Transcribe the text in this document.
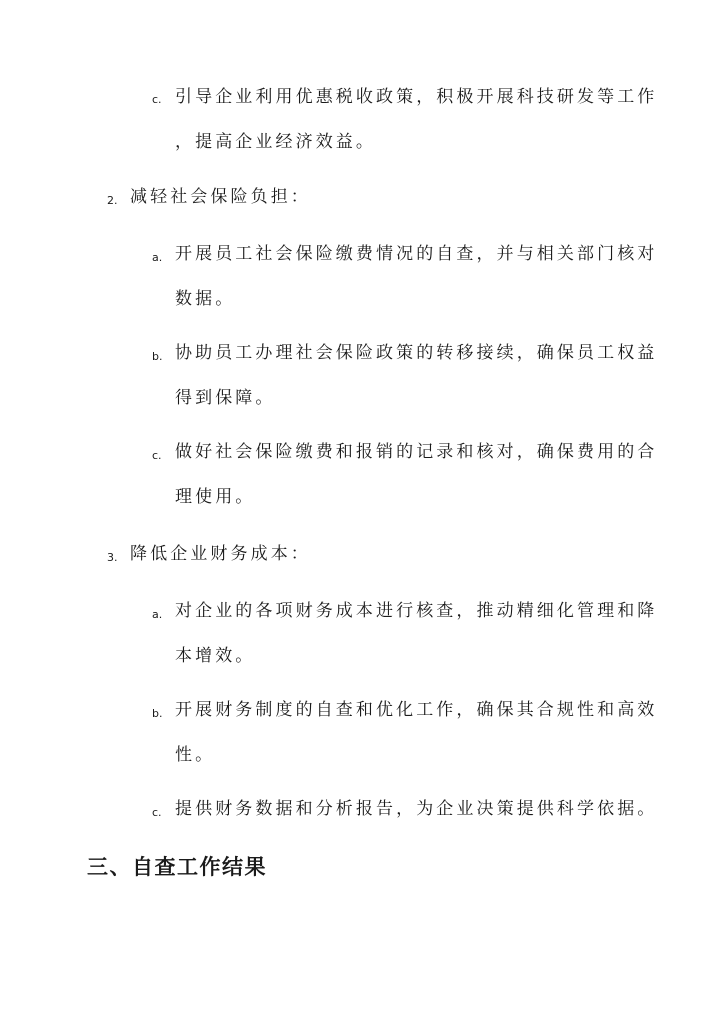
c. 引导企业利用优惠税收政策，积极开展科技研发等工作
，提高企业经济效益。
2. 减轻社会保险负担：
a. 开展员工社会保险缴费情况的自查，并与相关部门核对
数据。
b. 协助员工办理社会保险政策的转移接续，确保员工权益
得到保障。
c. 做好社会保险缴费和报销的记录和核对，确保费用的合
理使用。
3. 降低企业财务成本：
a. 对企业的各项财务成本进行核查，推动精细化管理和降
本增效。
b. 开展财务制度的自查和优化工作，确保其合规性和高效
性。
c. 提供财务数据和分析报告，为企业决策提供科学依据。
三、自查工作结果
